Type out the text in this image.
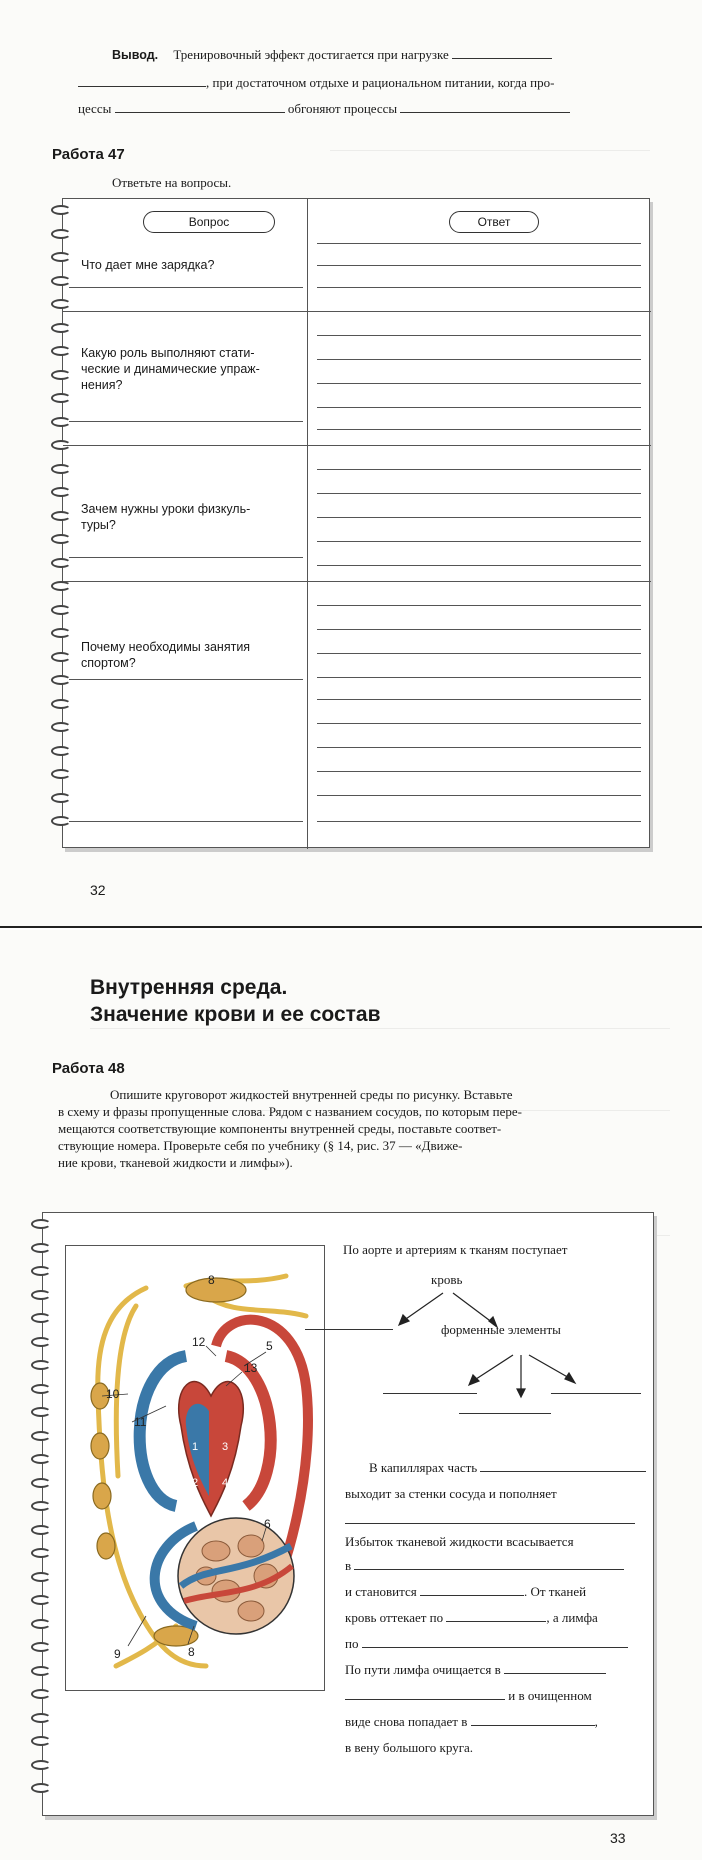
Вывод. Тренировочный эффект достигается при нагрузке
, при достаточном отдыхе и рациональном питании, когда про-
цессы	обгоняют процессы
Работа 47
Ответьте на вопросы.
Вопрос	Ответ
Что дает мне зарядка?
Какую роль выполняют стати-
ческие и динамические упраж-
нения?
Зачем нужны уроки физкуль-
туры?
Почему необходимы занятия
спортом?
32
Внутренняя среда.
Значение крови и ее состав
Работа 48
Опишите круговорот жидкостей внутренней среды по рисунку. Вставьте
в схему и фразы пропущенные слова. Рядом с названием сосудов, по которым пере-
мещаются соответствующие компоненты внутренней среды, поставьте соответ-
ствующие номера. Проверьте себя по учебнику (§ 14, рис. 37 — «Движе-
ние крови, тканевой жидкости и лимфы»).
1
2
3
4
5
6
8
8
9
10
11
12
13
По аорте и артериям к тканям поступает
кровь
форменные элементы
В капиллярах часть
выходит за стенки сосуда и пополняет
Избыток тканевой жидкости всасывается
в
и становится	. От тканей
кровь оттекает по	, а лимфа
по
По пути лимфа очищается в
и в очищенном
виде снова попадает в	,
в вену большого круга.
33
